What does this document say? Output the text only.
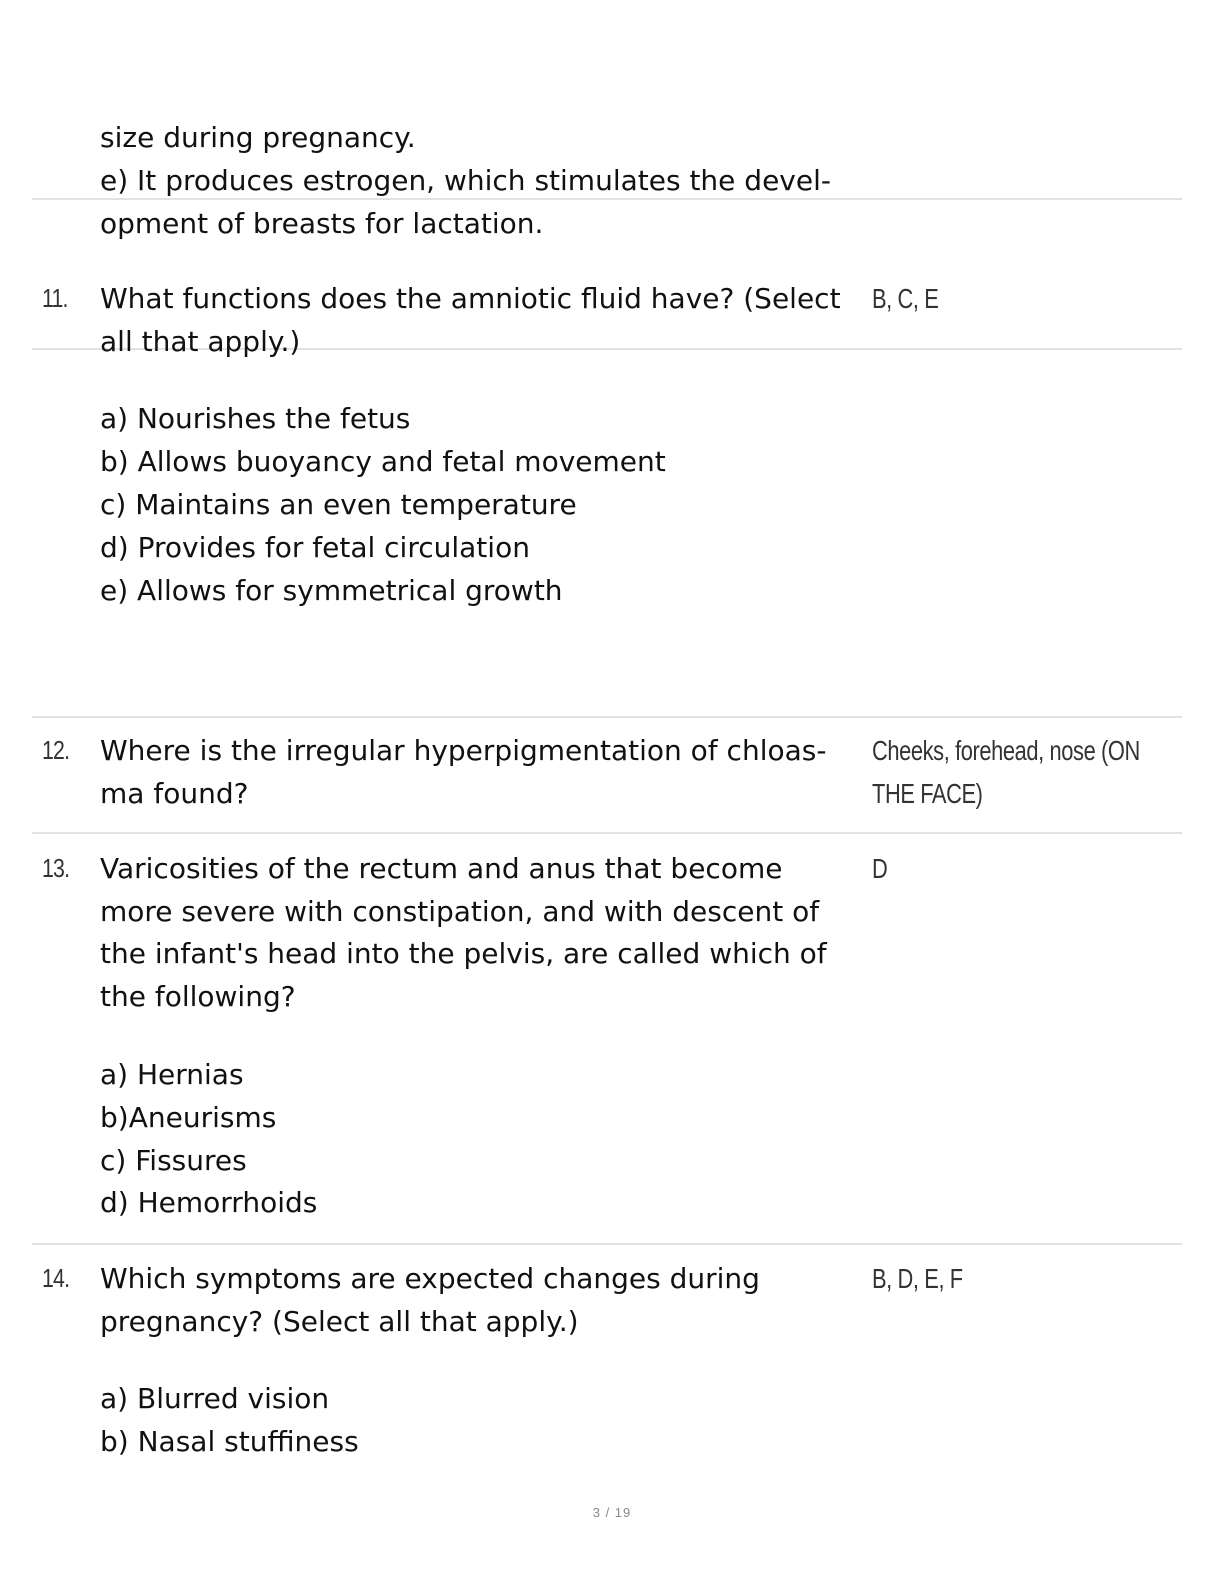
size during pregnancy.
e) It produces estrogen, which stimulates the devel-
opment of breasts for lactation.
11. What functions does the amniotic fluid have? (Select
all that apply.)
a) Nourishes the fetus
b) Allows buoyancy and fetal movement
c) Maintains an even temperature
d) Provides for fetal circulation
e) Allows for symmetrical growth
B, C, E
12. Where is the irregular hyperpigmentation of chloas-
ma found?
Cheeks, forehead, nose (ON
THE FACE)
13. Varicosities of the rectum and anus that become
more severe with constipation, and with descent of
the infant's head into the pelvis, are called which of
the following?
a) Hernias
b)Aneurisms
c) Fissures
d) Hemorrhoids
D
14. Which symptoms are expected changes during
pregnancy? (Select all that apply.)
a) Blurred vision
b) Nasal stuffiness
B, D, E, F
3 / 19
